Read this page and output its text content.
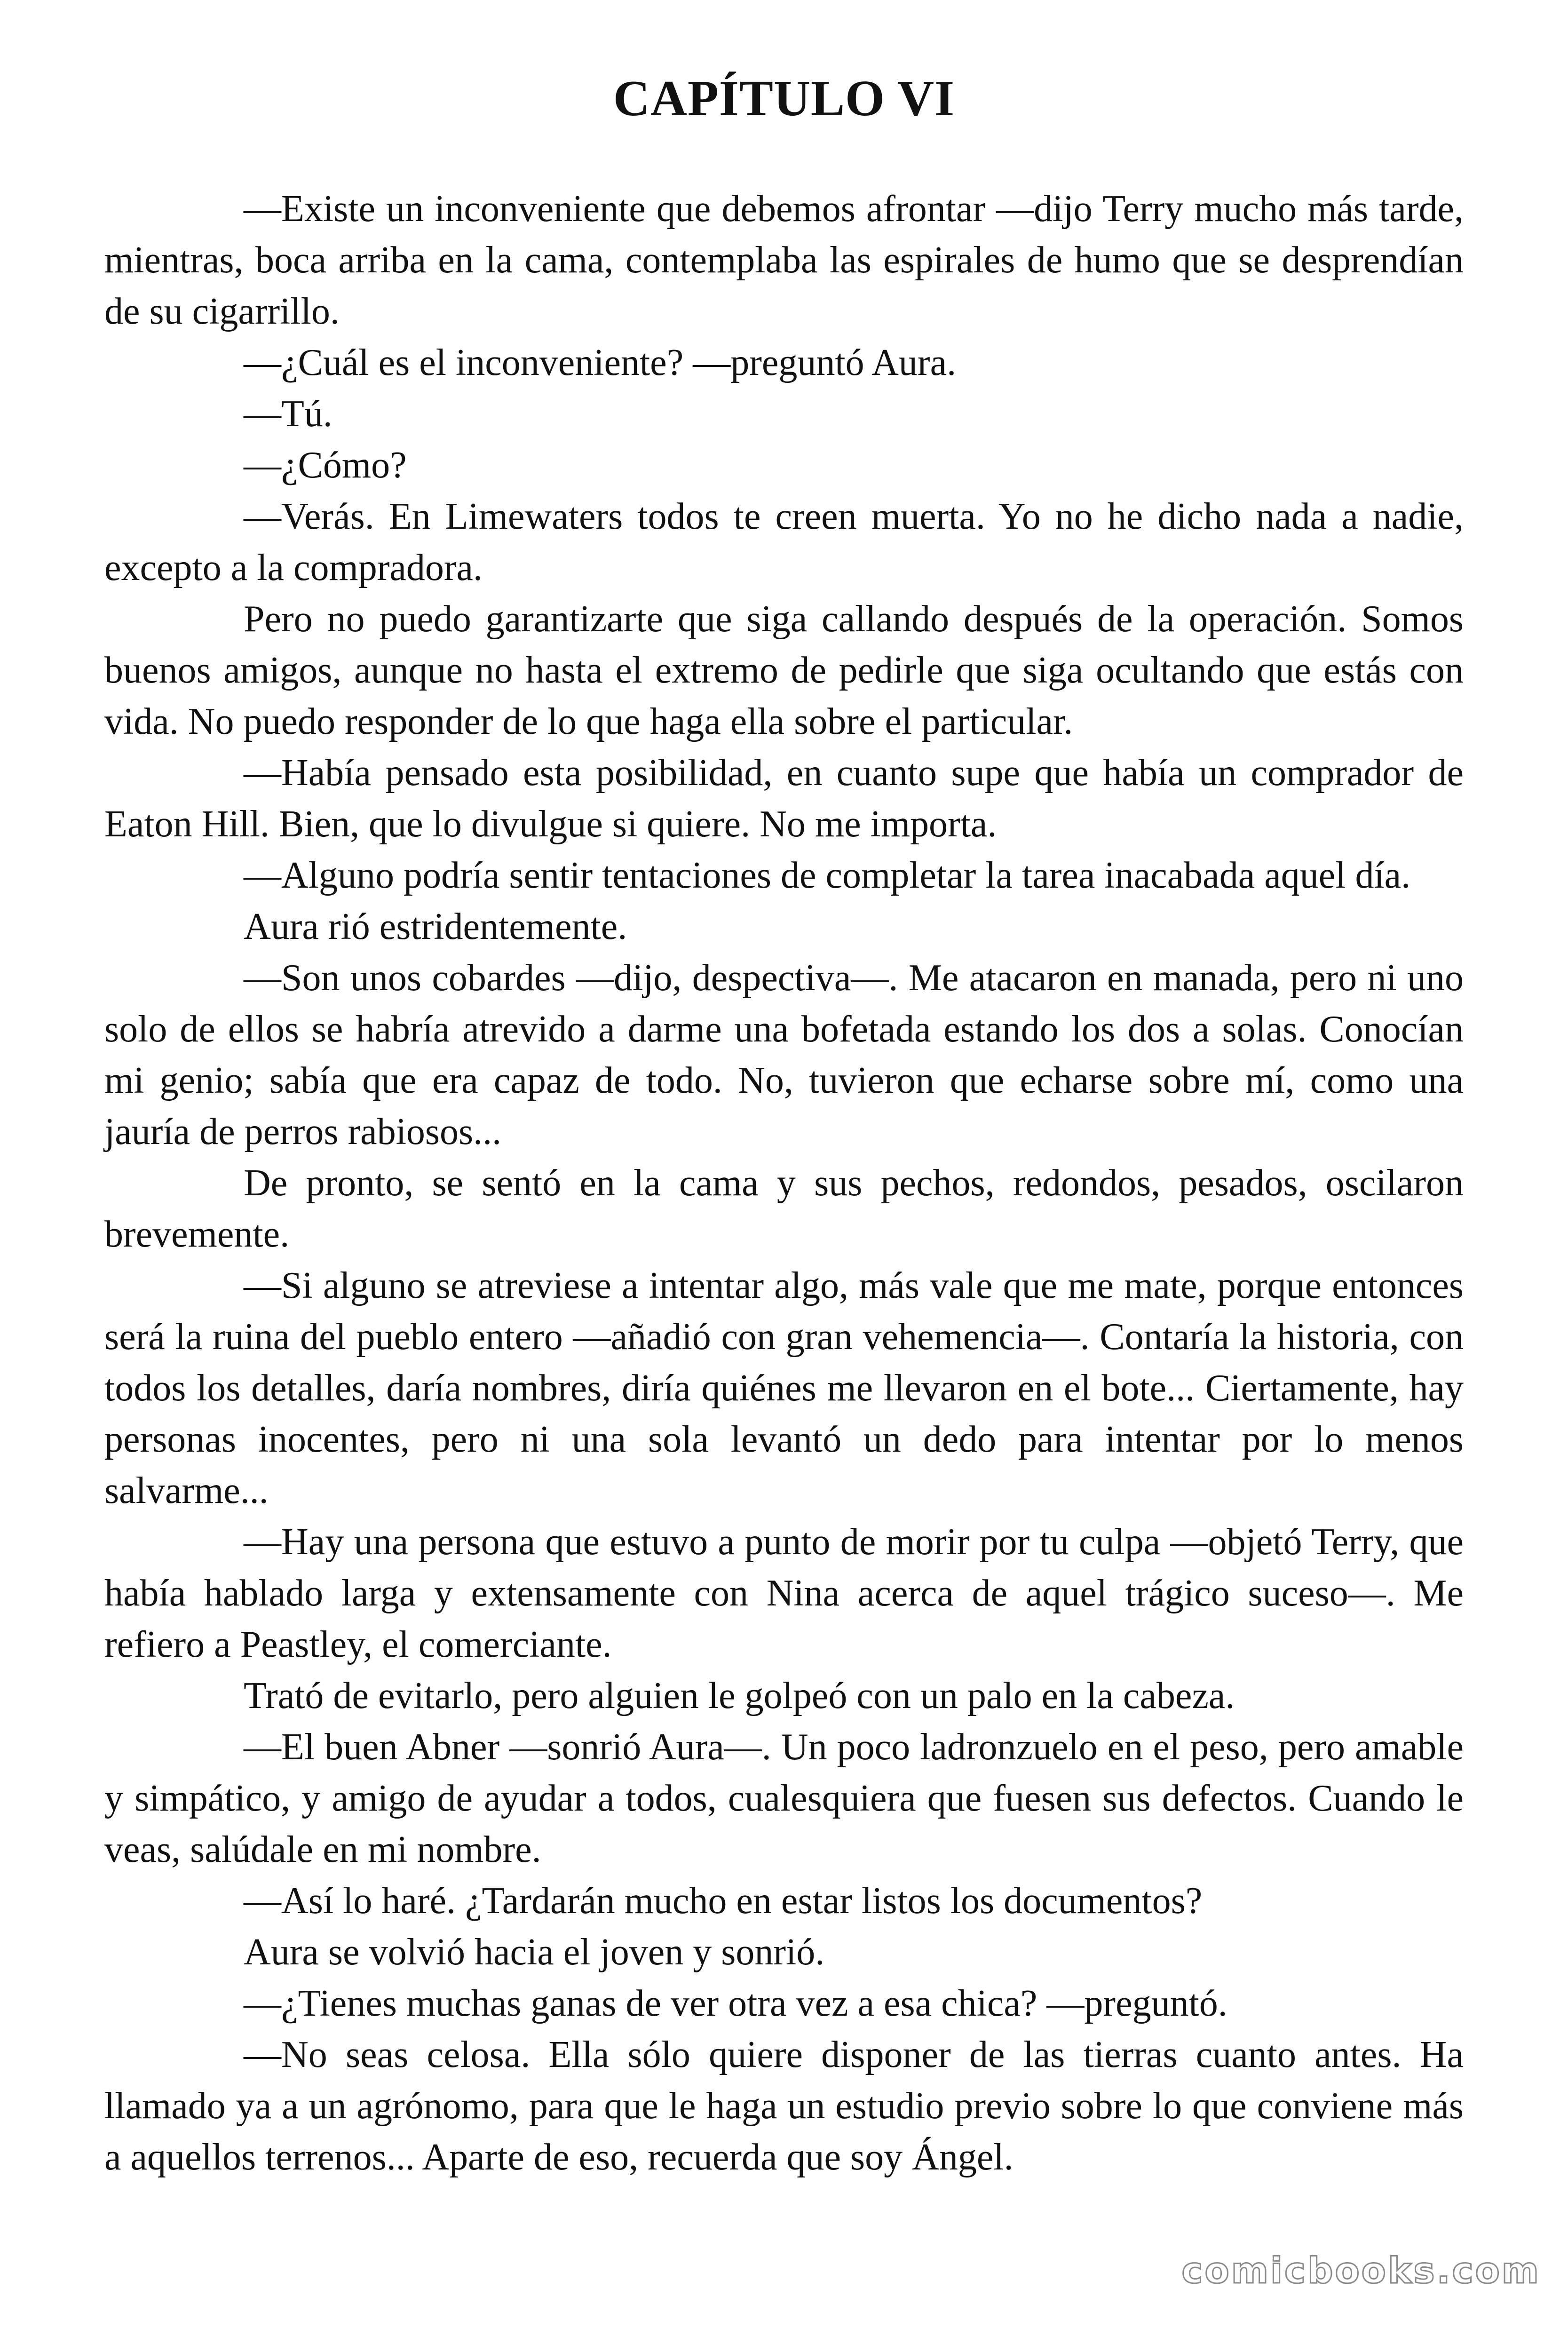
CAPÍTULO VI

—Existe un inconveniente que debemos afrontar —dijo Terry mucho más tarde, mientras, boca arriba en la cama, contemplaba las espirales de humo que se desprendían de su cigarrillo.

—¿Cuál es el inconveniente? —preguntó Aura.

—Tú.

—¿Cómo?

—Verás. En Limewaters todos te creen muerta. Yo no he dicho nada a nadie, excepto a la compradora.

Pero no puedo garantizarte que siga callando después de la operación. Somos buenos amigos, aunque no hasta el extremo de pedirle que siga ocultando que estás con vida. No puedo responder de lo que haga ella sobre el particular.

—Había pensado esta posibilidad, en cuanto supe que había un comprador de Eaton Hill. Bien, que lo divulgue si quiere. No me importa.

—Alguno podría sentir tentaciones de completar la tarea inacabada aquel día.

Aura rió estridentemente.

—Son unos cobardes —dijo, despectiva—. Me atacaron en manada, pero ni uno solo de ellos se habría atrevido a darme una bofetada estando los dos a solas. Conocían mi genio; sabía que era capaz de todo. No, tuvieron que echarse sobre mí, como una jauría de perros rabiosos...

De pronto, se sentó en la cama y sus pechos, redondos, pesados, oscilaron brevemente.

—Si alguno se atreviese a intentar algo, más vale que me mate, porque entonces será la ruina del pueblo entero —añadió con gran vehemencia—. Contaría la historia, con todos los detalles, daría nombres, diría quiénes me llevaron en el bote... Ciertamente, hay personas inocentes, pero ni una sola levantó un dedo para intentar por lo menos salvarme...

—Hay una persona que estuvo a punto de morir por tu culpa —objetó Terry, que había hablado larga y extensamente con Nina acerca de aquel trágico suceso—. Me refiero a Peastley, el comerciante.

Trató de evitarlo, pero alguien le golpeó con un palo en la cabeza.

—El buen Abner —sonrió Aura—. Un poco ladronzuelo en el peso, pero amable y simpático, y amigo de ayudar a todos, cualesquiera que fuesen sus defectos. Cuando le veas, salúdale en mi nombre.

—Así lo haré. ¿Tardarán mucho en estar listos los documentos?

Aura se volvió hacia el joven y sonrió.

—¿Tienes muchas ganas de ver otra vez a esa chica? —preguntó.

—No seas celosa. Ella sólo quiere disponer de las tierras cuanto antes. Ha llamado ya a un agrónomo, para que le haga un estudio previo sobre lo que conviene más a aquellos terrenos... Aparte de eso, recuerda que soy Ángel.

comicbooks.com
